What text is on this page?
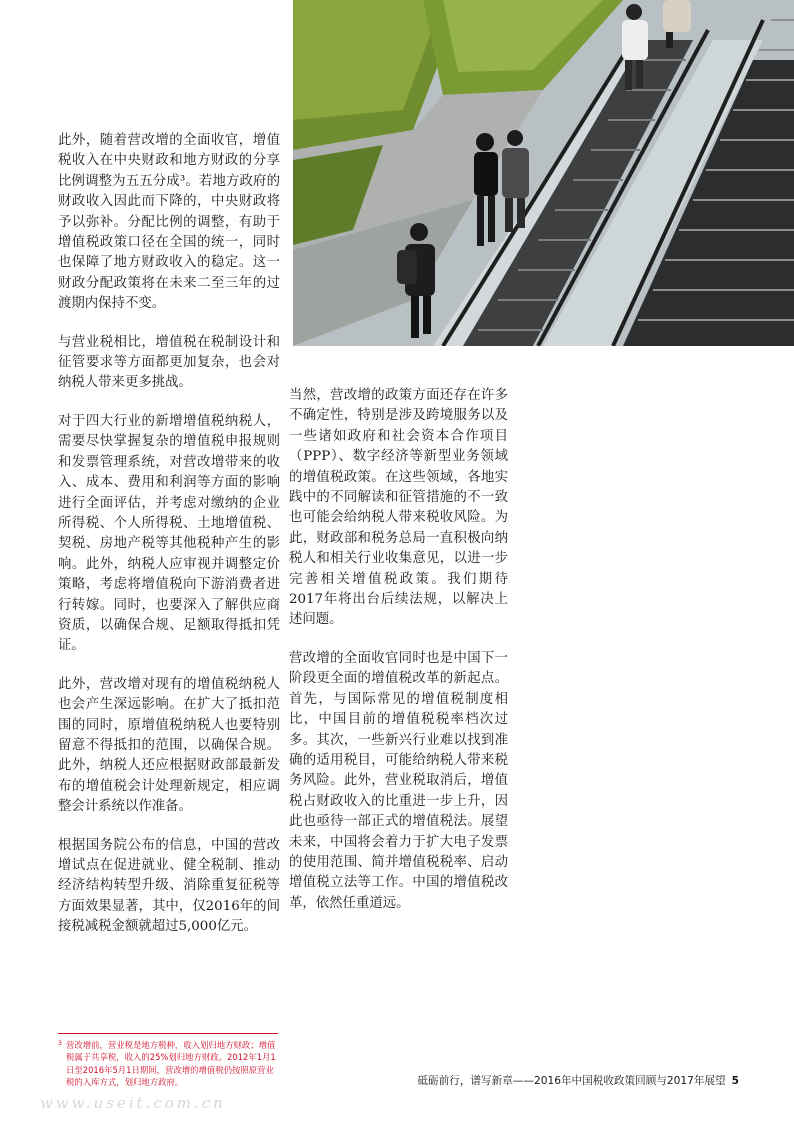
此外，随着营改增的全面收官，增值税收入在中央财政和地方财政的分享比例调整为五五分成³。若地方政府的财政收入因此而下降的，中央财政将予以弥补。分配比例的调整，有助于增值税政策口径在全国的统一，同时也保障了地方财政收入的稳定。这一财政分配政策将在未来二至三年的过渡期内保持不变。

与营业税相比，增值税在税制设计和征管要求等方面都更加复杂，也会对纳税人带来更多挑战。

对于四大行业的新增增值税纳税人，需要尽快掌握复杂的增值税申报规则和发票管理系统，对营改增带来的收入、成本、费用和利润等方面的影响进行全面评估，并考虑对缴纳的企业所得税、个人所得税、土地增值税、契税、房地产税等其他税种产生的影响。此外，纳税人应审视并调整定价策略，考虑将增值税向下游消费者进行转嫁。同时，也要深入了解供应商资质，以确保合规、足额取得抵扣凭证。

此外，营改增对现有的增值税纳税人也会产生深远影响。在扩大了抵扣范围的同时，原增值税纳税人也要特别留意不得抵扣的范围，以确保合规。此外，纳税人还应根据财政部最新发布的增值税会计处理新规定，相应调整会计系统以作准备。

根据国务院公布的信息，中国的营改增试点在促进就业、健全税制、推动经济结构转型升级、消除重复征税等方面效果显著，其中，仅2016年的间接税减税金额就超过5,000亿元。

当然，营改增的政策方面还存在许多不确定性，特别是涉及跨境服务以及一些诸如政府和社会资本合作项目（PPP）、数字经济等新型业务领域的增值税政策。在这些领域，各地实践中的不同解读和征管措施的不一致也可能会给纳税人带来税收风险。为此，财政部和税务总局一直积极向纳税人和相关行业收集意见，以进一步完善相关增值税政策。我们期待2017年将出台后续法规，以解决上述问题。

营改增的全面收官同时也是中国下一阶段更全面的增值税改革的新起点。首先，与国际常见的增值税制度相比，中国目前的增值税税率档次过多。其次，一些新兴行业难以找到准确的适用税目，可能给纳税人带来税务风险。此外，营业税取消后，增值税占财政收入的比重进一步上升，因此也亟待一部正式的增值税法。展望未来，中国将会着力于扩大电子发票的使用范围、简并增值税税率、启动增值税立法等工作。中国的增值税改革，依然任重道远。

3 营改增前，营业税是地方税种，收入划归地方财政；增值税属于共享税，收入的25%划归地方财政。2012年1月1日至2016年5月1日期间，营改增的增值税仍按照原营业税的入库方式，划归地方政府。	砥砺前行，谱写新章——2016年中国税收政策回顾与2017年展望 5
www.useit.com.cn
